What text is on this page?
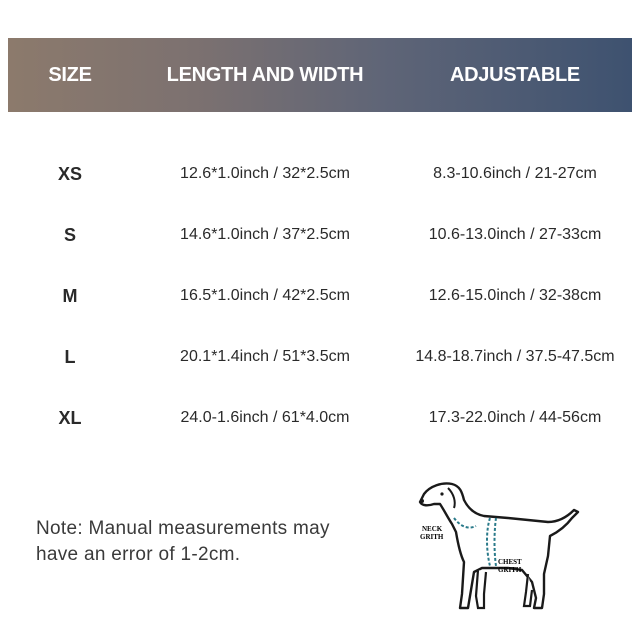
SIZE	LENGTH AND WIDTH	ADJUSTABLE
XS	12.6*1.0inch / 32*2.5cm	8.3-10.6inch / 21-27cm
S	14.6*1.0inch / 37*2.5cm	10.6-13.0inch / 27-33cm
M	16.5*1.0inch / 42*2.5cm	12.6-15.0inch / 32-38cm
L	20.1*1.4inch / 51*3.5cm	14.8-18.7inch / 37.5-47.5cm
XL	24.0-1.6inch / 61*4.0cm	17.3-22.0inch / 44-56cm
Note: Manual measurements may
have an error of 1-2cm.
NECK
GRITH
CHEST
GRITH
